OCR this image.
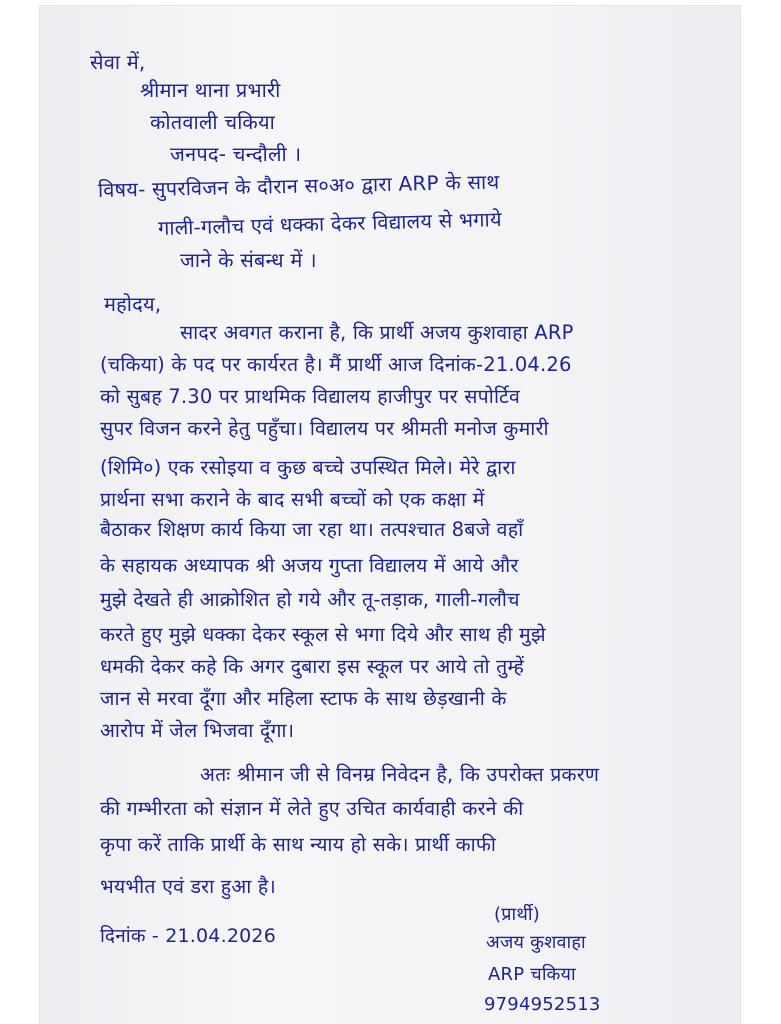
सेवा में,
श्रीमान थाना प्रभारी
कोतवाली चकिया
जनपद- चन्दौली ।
विषय- सुपरविजन के दौरान स०अ० द्वारा ARP के साथ
गाली-गलौच एवं धक्का देकर विद्यालय से भगाये
जाने के संबन्ध में ।
महोदय,
सादर अवगत कराना है, कि प्रार्थी अजय कुशवाहा ARP
(चकिया) के पद पर कार्यरत है। मैं प्रार्थी आज दिनांक-21.04.26
को सुबह 7.30 पर प्राथमिक विद्यालय हाजीपुर पर सपोर्टिव
सुपर विजन करने हेतु पहुँचा। विद्यालय पर श्रीमती मनोज कुमारी
(शिमि०) एक रसोइया व कुछ बच्चे उपस्थित मिले। मेरे द्वारा
प्रार्थना सभा कराने के बाद सभी बच्चों को एक कक्षा में
बैठाकर शिक्षण कार्य किया जा रहा था। तत्पश्चात 8बजे वहाँ
के सहायक अध्यापक श्री अजय गुप्ता विद्यालय में आये और
मुझे देखते ही आक्रोशित हो गये और तू-तड़ाक, गाली-गलौच
करते हुए मुझे धक्का देकर स्कूल से भगा दिये और साथ ही मुझे
धमकी देकर कहे कि अगर दुबारा इस स्कूल पर आये तो तुम्हें
जान से मरवा दूँगा और महिला स्टाफ के साथ छेड़खानी के
आरोप में जेल भिजवा दूँगा।
अतः श्रीमान जी से विनम्र निवेदन है, कि उपरोक्त प्रकरण
की गम्भीरता को संज्ञान में लेते हुए उचित कार्यवाही करने की
कृपा करें ताकि प्रार्थी के साथ न्याय हो सके। प्रार्थी काफी
भयभीत एवं डरा हुआ है।
दिनांक - 21.04.2026
(प्रार्थी)
अजय कुशवाहा
ARP चकिया
9794952513
